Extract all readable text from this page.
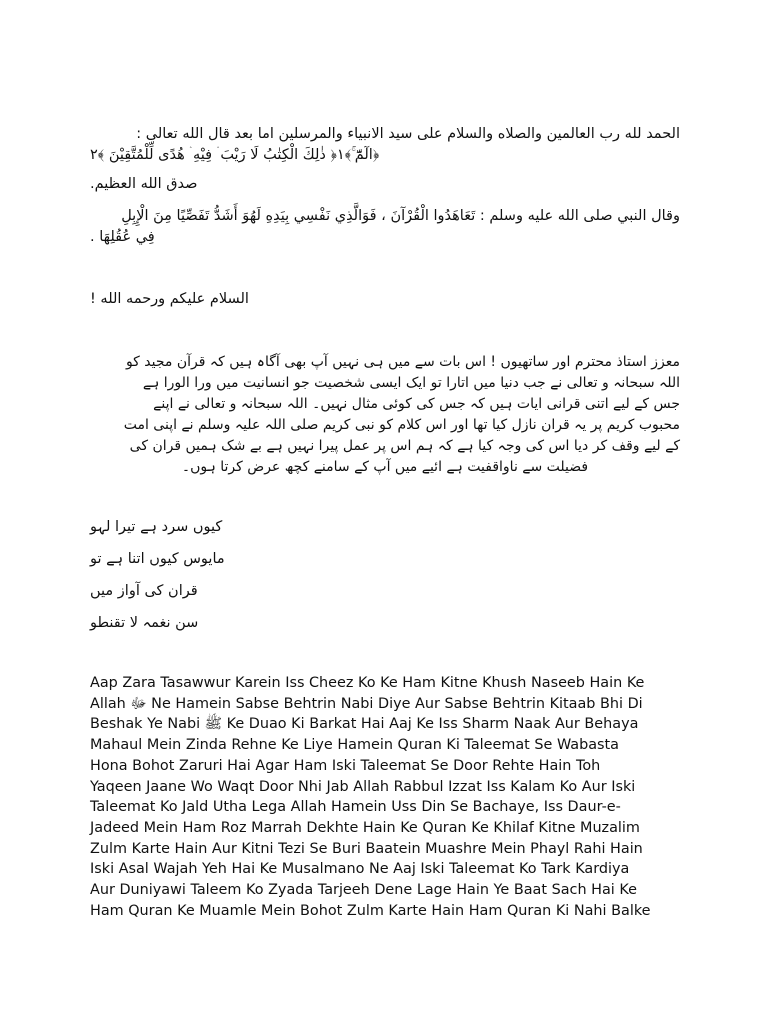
الحمد لله رب العالمين والصلاه والسلام على سيد الانبياء والمرسلين اما بعد قال الله تعالى :

﴿الٓمّٓ ۚ﴾۱﴿ ذٰلِكَ الْكِتٰبُ لَا رَيْبَ ۛ فِيْهِ ۛ هُدًى لِّلْمُتَّقِيْنَ ﴾۲

صدق الله العظيم.

وقال النبي صلى الله عليه وسلم : تَعَاهَدُوا الْقُرْآنَ ، فَوَالَّذِي نَفْسِي بِيَدِهِ لَهُوَ أَشَدُّ تَفَصِّيًا مِنَ الْإِبِلِ

فِي عُقُلِهَا .

السلام عليكم ورحمه الله !

معزز استاذ محترم اور ساتھیوں ! اس بات سے میں ہی نہیں آپ بھی آگاہ ہیں کہ قرآن مجید کو

اللہ سبحانہ و تعالی نے جب دنیا میں اتارا تو ایک ایسی شخصیت جو انسانیت میں ورا الورا ہے

جس کے لیے اتنی قرانی ایات ہیں کہ جس کی کوئی مثال نہیں۔ اللہ سبحانہ و تعالی نے اپنے

محبوب کریم پر یہ قران نازل کیا تھا اور اس کلام کو نبی کریم صلی اللہ علیہ وسلم نے اپنی امت

کے لیے وقف کر دیا اس کی وجہ کیا ہے کہ ہم اس پر عمل پیرا نہیں ہے بے شک ہمیں قران کی

فضیلت سے ناواقفیت ہے ائیے میں آپ کے سامنے کچھ عرض کرتا ہوں۔

کیوں سرد ہے تیرا لہو
مایوس کیوں اتنا ہے تو
قران کی آواز میں
سن نغمہ لا تقنطو

Aap Zara Tasawwur Karein Iss Cheez Ko Ke Ham Kitne Khush Naseeb Hain Ke

Allah ﷻ Ne Hamein Sabse Behtrin Nabi Diye Aur Sabse Behtrin Kitaab Bhi Di

Beshak Ye Nabi ﷺ Ke Duao Ki Barkat Hai Aaj Ke Iss Sharm Naak Aur Behaya

Mahaul Mein Zinda Rehne Ke Liye Hamein Quran Ki Taleemat Se Wabasta

Hona Bohot Zaruri Hai Agar Ham Iski Taleemat Se Door Rehte Hain Toh

Yaqeen Jaane Wo Waqt Door Nhi Jab Allah Rabbul Izzat Iss Kalam Ko Aur Iski

Taleemat Ko Jald Utha Lega Allah Hamein Uss Din Se Bachaye, Iss Daur-e-

Jadeed Mein Ham Roz Marrah Dekhte Hain Ke Quran Ke Khilaf Kitne Muzalim

Zulm Karte Hain Aur Kitni Tezi Se Buri Baatein Muashre Mein Phayl Rahi Hain

Iski Asal Wajah Yeh Hai Ke Musalmano Ne Aaj Iski Taleemat Ko Tark Kardiya

Aur Duniyawi Taleem Ko Zyada Tarjeeh Dene Lage Hain Ye Baat Sach Hai Ke

Ham Quran Ke Muamle Mein Bohot Zulm Karte Hain Ham Quran Ki Nahi Balke
